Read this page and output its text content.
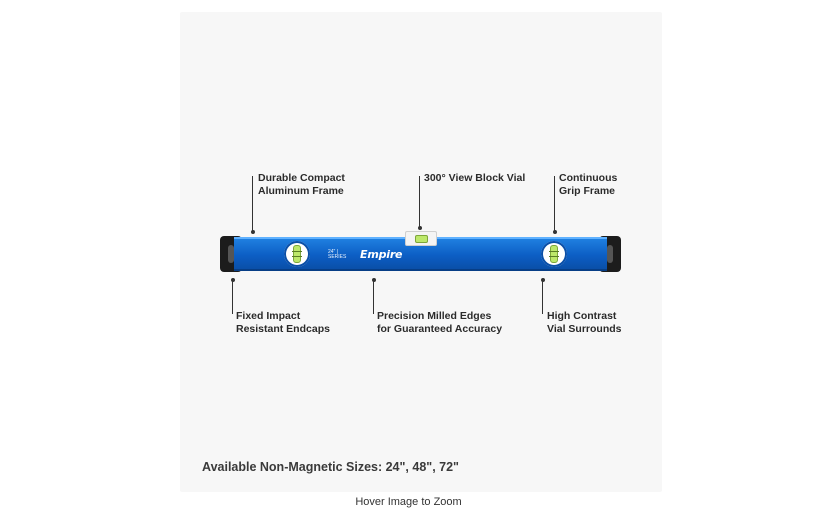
Durable Compact
Aluminum Frame
300° View Block Vial	Continuous
Grip Frame
24" | SERIES	Empire
Fixed Impact
Resistant Endcaps
Precision Milled Edges
for Guaranteed Accuracy
High Contrast
Vial Surrounds
Available Non-Magnetic Sizes: 24", 48", 72"
Hover Image to Zoom
